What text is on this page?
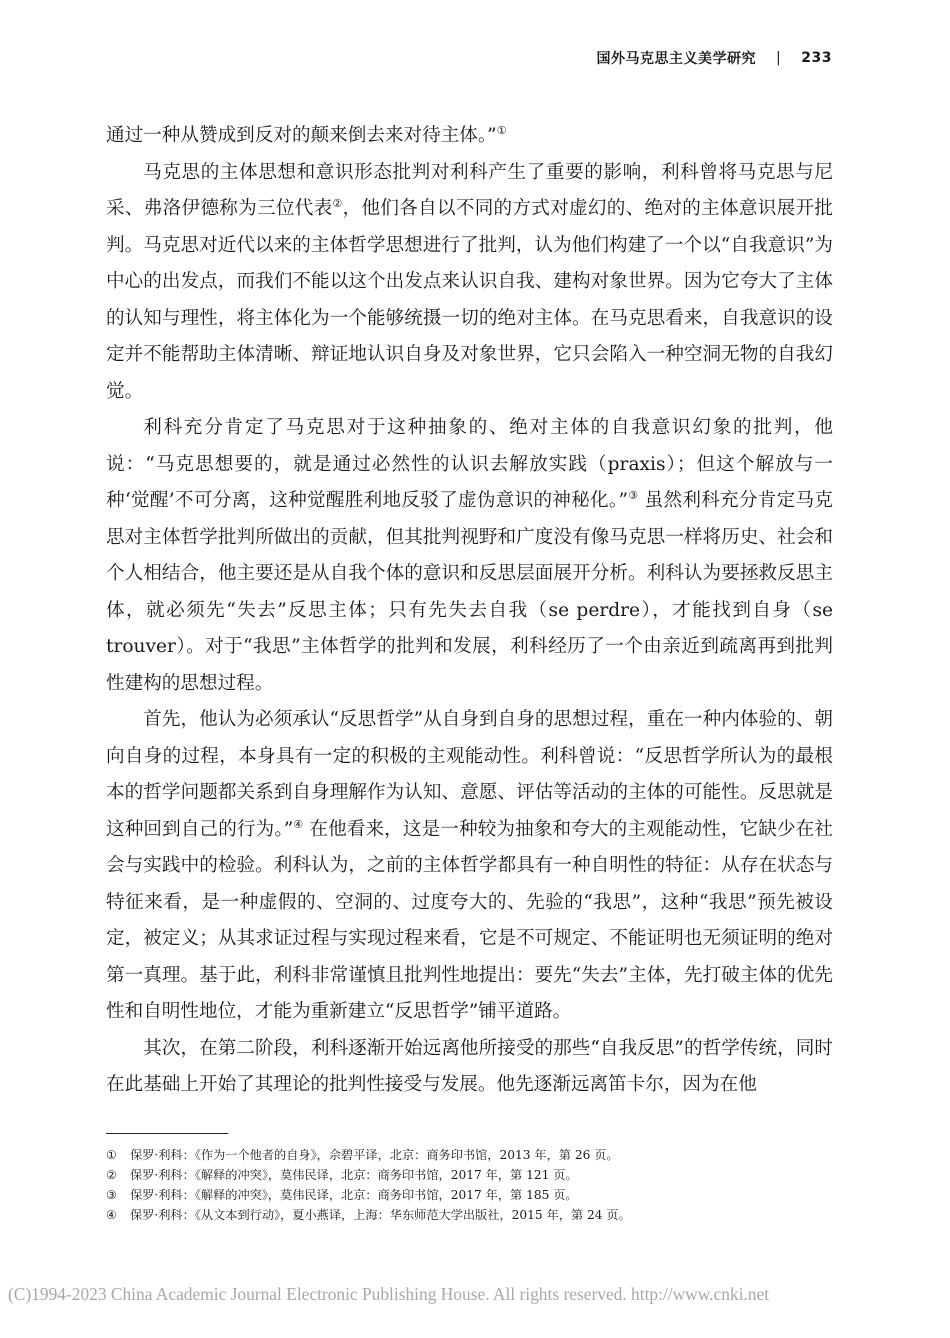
国外马克思主义美学研究 | 233

通过一种从赞成到反对的颠来倒去来对待主体。”①

马克思的主体思想和意识形态批判对利科产生了重要的影响，利科曾将马克思与尼采、弗洛伊德称为三位代表②，他们各自以不同的方式对虚幻的、绝对的主体意识展开批判。马克思对近代以来的主体哲学思想进行了批判，认为他们构建了一个以“自我意识”为中心的出发点，而我们不能以这个出发点来认识自我、建构对象世界。因为它夸大了主体的认知与理性，将主体化为一个能够统摄一切的绝对主体。在马克思看来，自我意识的设定并不能帮助主体清晰、辩证地认识自身及对象世界，它只会陷入一种空洞无物的自我幻觉。

利科充分肯定了马克思对于这种抽象的、绝对主体的自我意识幻象的批判，他说：“马克思想要的，就是通过必然性的认识去解放实践（praxis）；但这个解放与一种‘觉醒’不可分离，这种觉醒胜利地反驳了虚伪意识的神秘化。”③ 虽然利科充分肯定马克思对主体哲学批判所做出的贡献，但其批判视野和广度没有像马克思一样将历史、社会和个人相结合，他主要还是从自我个体的意识和反思层面展开分析。利科认为要拯救反思主体，就必须先“失去”反思主体；只有先失去自我（se perdre），才能找到自身（se trouver）。对于“我思”主体哲学的批判和发展，利科经历了一个由亲近到疏离再到批判性建构的思想过程。

首先，他认为必须承认“反思哲学”从自身到自身的思想过程，重在一种内体验的、朝向自身的过程，本身具有一定的积极的主观能动性。利科曾说：“反思哲学所认为的最根本的哲学问题都关系到自身理解作为认知、意愿、评估等活动的主体的可能性。反思就是这种回到自己的行为。”④ 在他看来，这是一种较为抽象和夸大的主观能动性，它缺少在社会与实践中的检验。利科认为，之前的主体哲学都具有一种自明性的特征：从存在状态与特征来看，是一种虚假的、空洞的、过度夸大的、先验的“我思”，这种“我思”预先被设定，被定义；从其求证过程与实现过程来看，它是不可规定、不能证明也无须证明的绝对第一真理。基于此，利科非常谨慎且批判性地提出：要先“失去”主体，先打破主体的优先性和自明性地位，才能为重新建立“反思哲学”铺平道路。

其次，在第二阶段，利科逐渐开始远离他所接受的那些“自我反思”的哲学传统，同时在此基础上开始了其理论的批判性接受与发展。他先逐渐远离笛卡尔，因为在他

① 保罗·利科：《作为一个他者的自身》，佘碧平译，北京：商务印书馆，2013 年，第 26 页。
② 保罗·利科：《解释的冲突》，莫伟民译，北京：商务印书馆，2017 年，第 121 页。
③ 保罗·利科：《解释的冲突》，莫伟民译，北京：商务印书馆，2017 年，第 185 页。
④ 保罗·利科：《从文本到行动》，夏小燕译，上海：华东师范大学出版社，2015 年，第 24 页。
(C)1994-2023 China Academic Journal Electronic Publishing House. All rights reserved. http://www.cnki.net
